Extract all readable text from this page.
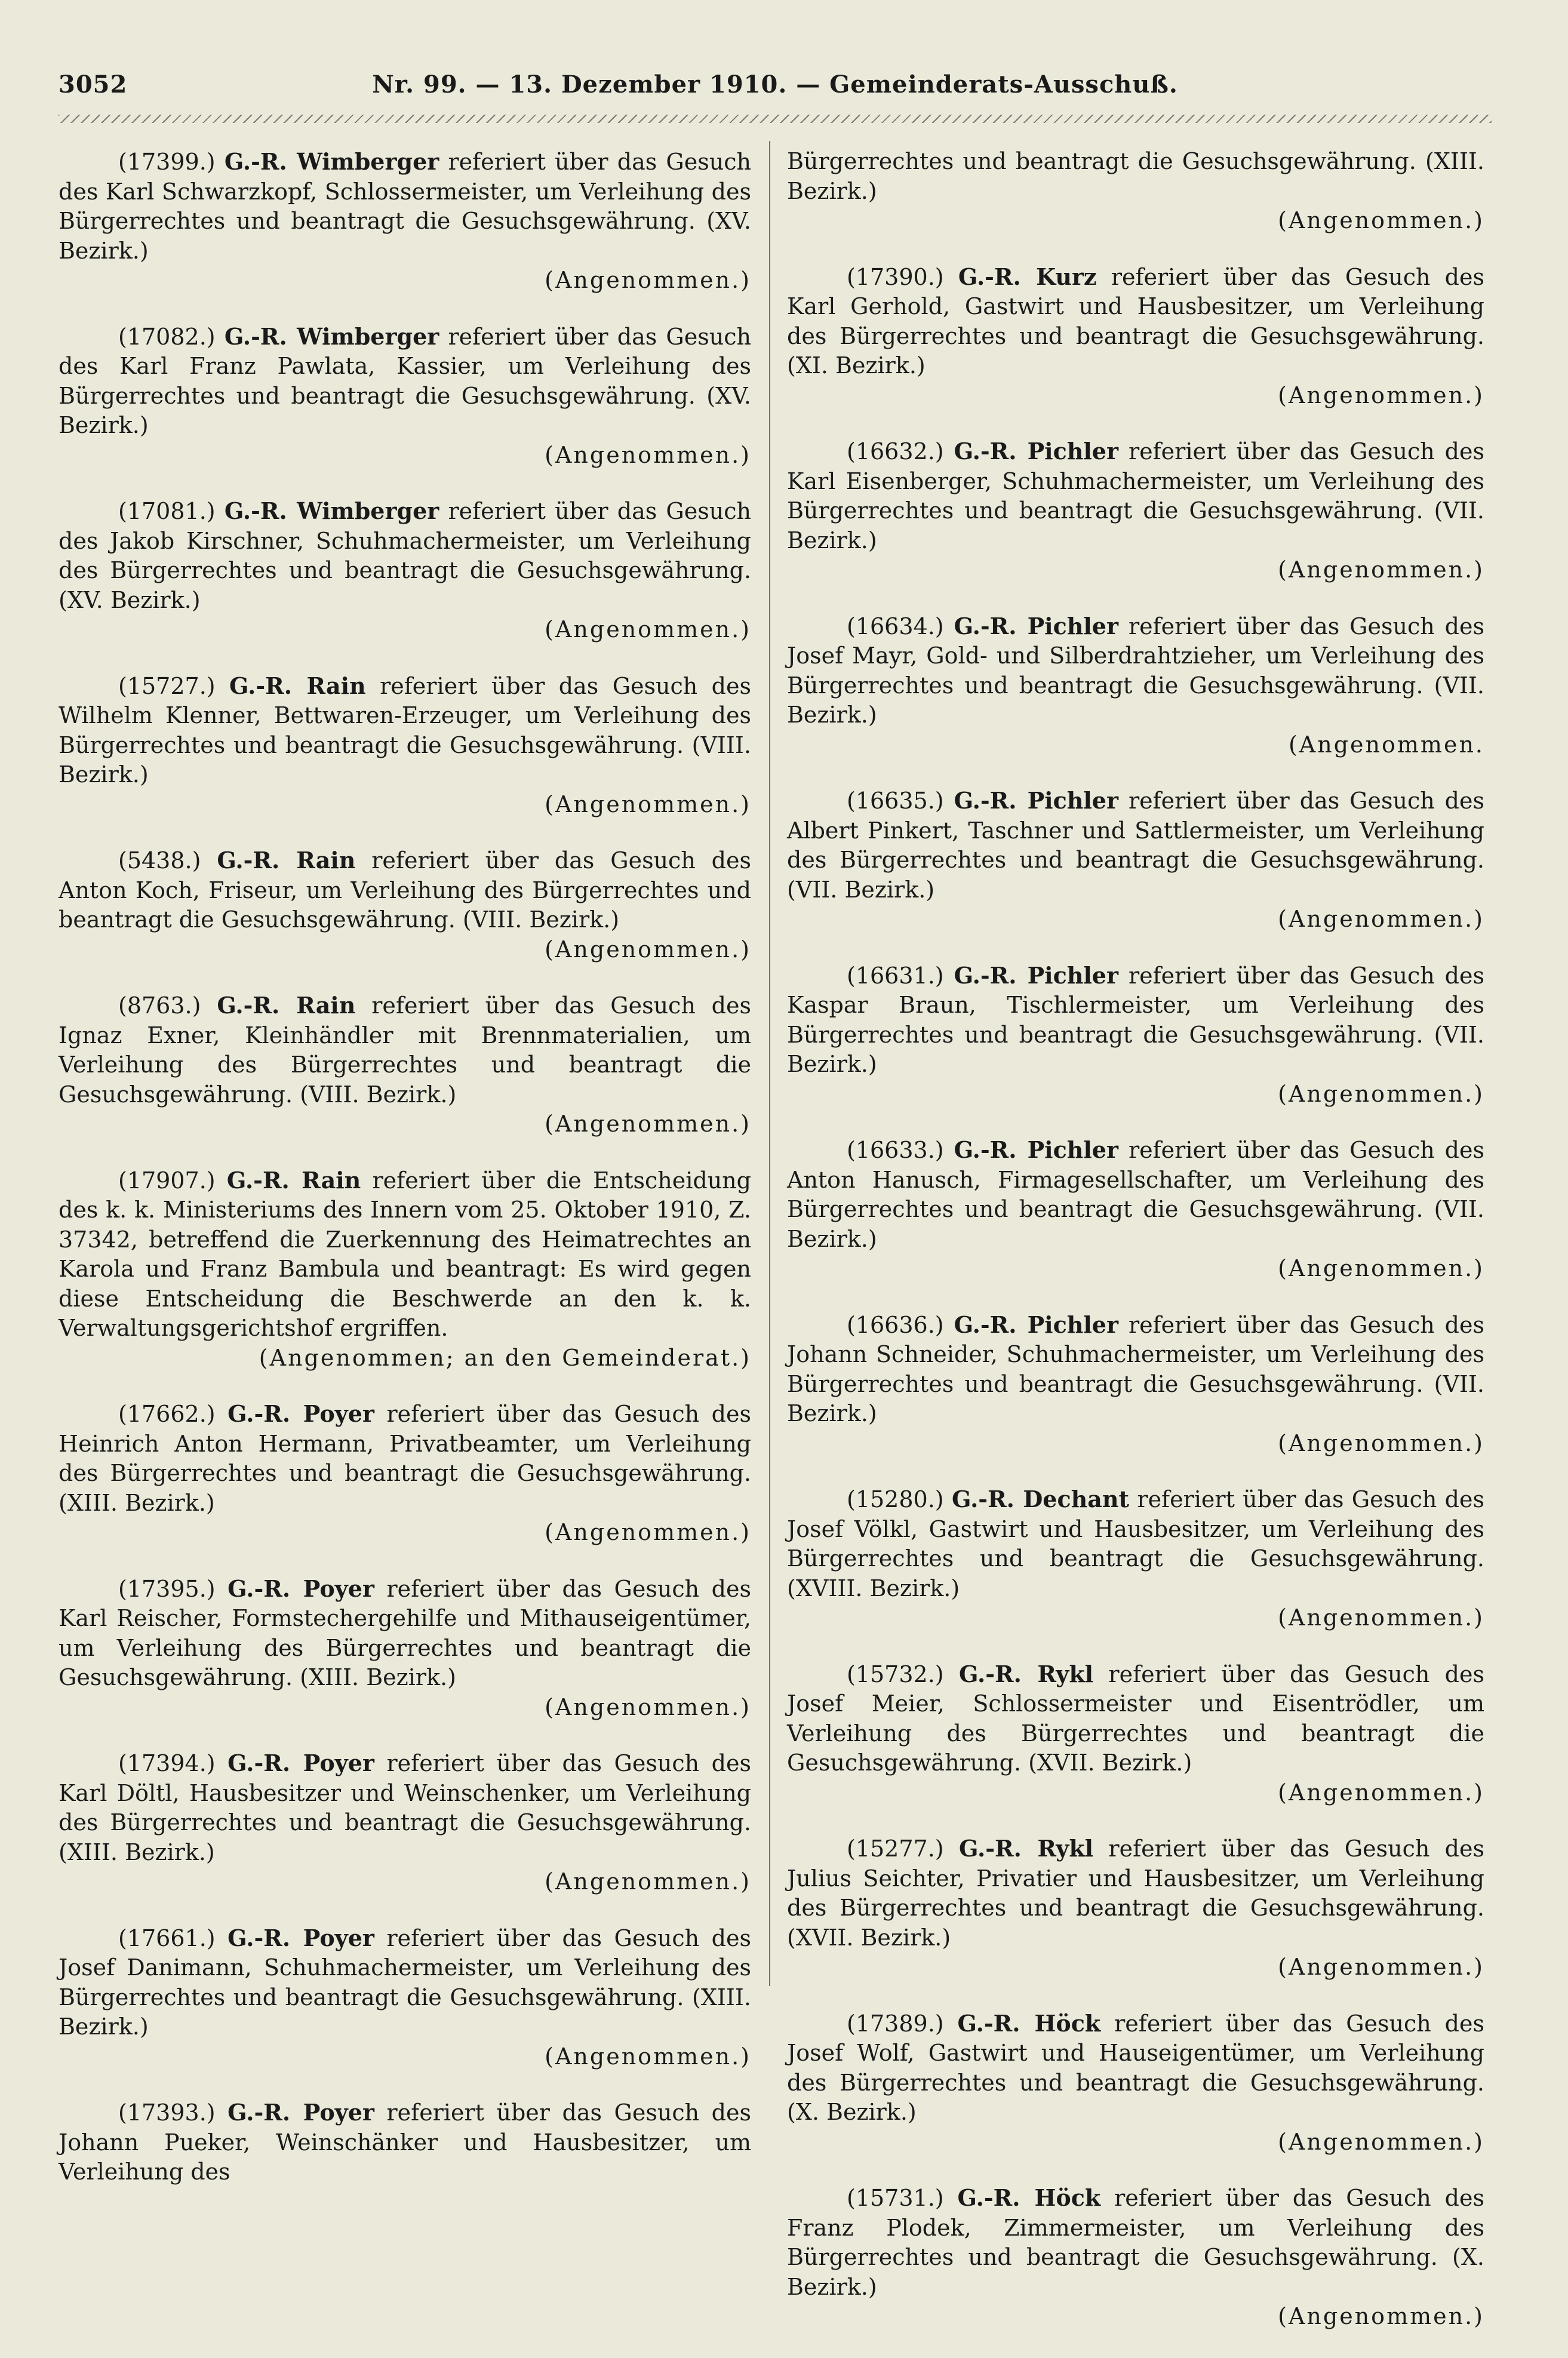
3052	Nr. 99. — 13. Dezember 1910. — Gemeinderats-Ausschuß.

(17399.) G.-R. Wimberger referiert über das Gesuch des Karl Schwarzkopf, Schlossermeister, um Verleihung des Bürgerrechtes und beantragt die Gesuchsgewährung. (XV. Bezirk.)
(Angenommen.)

(17082.) G.-R. Wimberger referiert über das Gesuch des Karl Franz Pawlata, Kassier, um Verleihung des Bürgerrechtes und beantragt die Gesuchsgewährung. (XV. Bezirk.)
(Angenommen.)

(17081.) G.-R. Wimberger referiert über das Gesuch des Jakob Kirschner, Schuhmachermeister, um Verleihung des Bürgerrechtes und beantragt die Gesuchsgewährung. (XV. Bezirk.)
(Angenommen.)

(15727.) G.-R. Rain referiert über das Gesuch des Wilhelm Klenner, Bettwaren-Erzeuger, um Verleihung des Bürgerrechtes und beantragt die Gesuchsgewährung. (VIII. Bezirk.)
(Angenommen.)

(5438.) G.-R. Rain referiert über das Gesuch des Anton Koch, Friseur, um Verleihung des Bürgerrechtes und beantragt die Gesuchsgewährung. (VIII. Bezirk.)
(Angenommen.)

(8763.) G.-R. Rain referiert über das Gesuch des Ignaz Exner, Kleinhändler mit Brennmaterialien, um Verleihung des Bürgerrechtes und beantragt die Gesuchsgewährung. (VIII. Bezirk.)
(Angenommen.)

(17907.) G.-R. Rain referiert über die Entscheidung des k. k. Ministeriums des Innern vom 25. Oktober 1910, Z. 37342, betreffend die Zuerkennung des Heimatrechtes an Karola und Franz Bambula und beantragt: Es wird gegen diese Entscheidung die Beschwerde an den k. k. Verwaltungsgerichtshof ergriffen.
(Angenommen; an den Gemeinderat.)

(17662.) G.-R. Poyer referiert über das Gesuch des Heinrich Anton Hermann, Privatbeamter, um Verleihung des Bürgerrechtes und beantragt die Gesuchsgewährung. (XIII. Bezirk.)
(Angenommen.)

(17395.) G.-R. Poyer referiert über das Gesuch des Karl Reischer, Formstechergehilfe und Mithauseigentümer, um Verleihung des Bürgerrechtes und beantragt die Gesuchsgewährung. (XIII. Bezirk.)
(Angenommen.)

(17394.) G.-R. Poyer referiert über das Gesuch des Karl Döltl, Hausbesitzer und Weinschenker, um Verleihung des Bürgerrechtes und beantragt die Gesuchsgewährung. (XIII. Bezirk.)
(Angenommen.)

(17661.) G.-R. Poyer referiert über das Gesuch des Josef Danimann, Schuhmachermeister, um Verleihung des Bürgerrechtes und beantragt die Gesuchsgewährung. (XIII. Bezirk.)
(Angenommen.)

(17393.) G.-R. Poyer referiert über das Gesuch des Johann Pueker, Weinschänker und Hausbesitzer, um Verleihung des

Bürgerrechtes und beantragt die Gesuchsgewährung. (XIII. Bezirk.)
(Angenommen.)

(17390.) G.-R. Kurz referiert über das Gesuch des Karl Gerhold, Gastwirt und Hausbesitzer, um Verleihung des Bürgerrechtes und beantragt die Gesuchsgewährung. (XI. Bezirk.)
(Angenommen.)

(16632.) G.-R. Pichler referiert über das Gesuch des Karl Eisenberger, Schuhmachermeister, um Verleihung des Bürgerrechtes und beantragt die Gesuchsgewährung. (VII. Bezirk.)
(Angenommen.)

(16634.) G.-R. Pichler referiert über das Gesuch des Josef Mayr, Gold- und Silberdrahtzieher, um Verleihung des Bürgerrechtes und beantragt die Gesuchsgewährung. (VII. Bezirk.)
(Angenommen.

(16635.) G.-R. Pichler referiert über das Gesuch des Albert Pinkert, Taschner und Sattlermeister, um Verleihung des Bürgerrechtes und beantragt die Gesuchsgewährung. (VII. Bezirk.)
(Angenommen.)

(16631.) G.-R. Pichler referiert über das Gesuch des Kaspar Braun, Tischlermeister, um Verleihung des Bürgerrechtes und beantragt die Gesuchsgewährung. (VII. Bezirk.)
(Angenommen.)

(16633.) G.-R. Pichler referiert über das Gesuch des Anton Hanusch, Firmagesellschafter, um Verleihung des Bürgerrechtes und beantragt die Gesuchsgewährung. (VII. Bezirk.)
(Angenommen.)

(16636.) G.-R. Pichler referiert über das Gesuch des Johann Schneider, Schuhmachermeister, um Verleihung des Bürgerrechtes und beantragt die Gesuchsgewährung. (VII. Bezirk.)
(Angenommen.)

(15280.) G.-R. Dechant referiert über das Gesuch des Josef Völkl, Gastwirt und Hausbesitzer, um Verleihung des Bürgerrechtes und beantragt die Gesuchsgewährung. (XVIII. Bezirk.)
(Angenommen.)

(15732.) G.-R. Rykl referiert über das Gesuch des Josef Meier, Schlossermeister und Eisentrödler, um Verleihung des Bürgerrechtes und beantragt die Gesuchsgewährung. (XVII. Bezirk.)
(Angenommen.)

(15277.) G.-R. Rykl referiert über das Gesuch des Julius Seichter, Privatier und Hausbesitzer, um Verleihung des Bürgerrechtes und beantragt die Gesuchsgewährung. (XVII. Bezirk.)
(Angenommen.)

(17389.) G.-R. Höck referiert über das Gesuch des Josef Wolf, Gastwirt und Hauseigentümer, um Verleihung des Bürgerrechtes und beantragt die Gesuchsgewährung. (X. Bezirk.)
(Angenommen.)

(15731.) G.-R. Höck referiert über das Gesuch des Franz Plodek, Zimmermeister, um Verleihung des Bürgerrechtes und beantragt die Gesuchsgewährung. (X. Bezirk.)
(Angenommen.)
